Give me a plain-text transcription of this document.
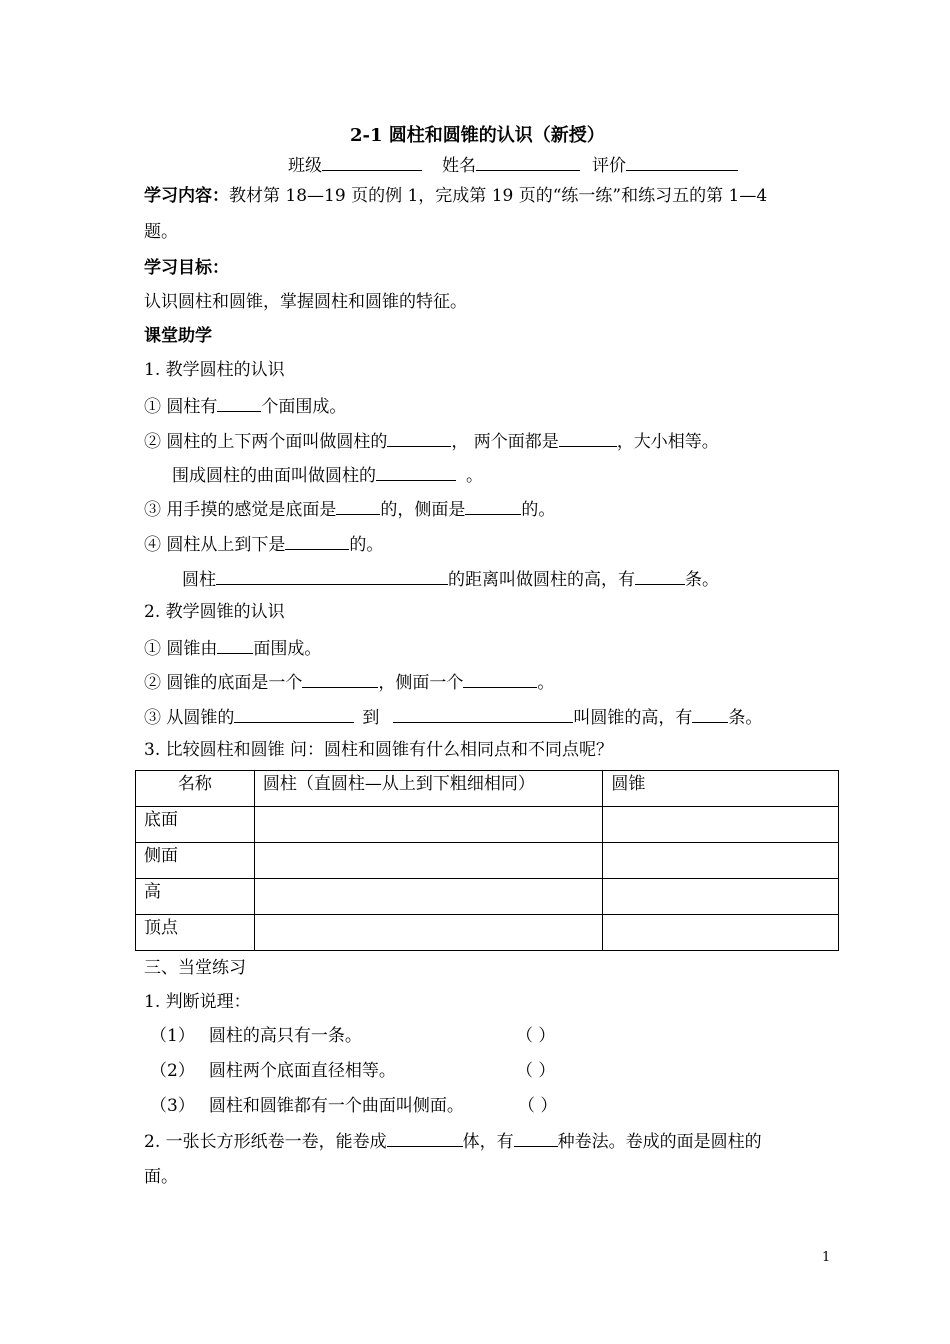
2-1 圆柱和圆锥的认识（新授）
班级	姓名	评价
学习内容：教材第 18—19 页的例 1，完成第 19 页的“练一练”和练习五的第 1—4
题。
学习目标：
认识圆柱和圆锥，掌握圆柱和圆锥的特征。
课堂助学
1. 教学圆柱的认识
① 圆柱有	个面围成。
② 圆柱的上下两个面叫做圆柱的	， 两个面都是	，大小相等。
围成圆柱的曲面叫做圆柱的	。
③ 用手摸的感觉是底面是	的，侧面是	的。
④ 圆柱从上到下是	的。
圆柱	的距离叫做圆柱的高，有	条。
2. 教学圆锥的认识
① 圆锥由 面围成。
② 圆锥的底面是一个	，侧面一个	。
③ 从圆锥的	到	叫圆锥的高，有 条。
3. 比较圆柱和圆锥 问：圆柱和圆锥有什么相同点和不同点呢？
名称	圆柱（直圆柱—从上到下粗细相同）	圆锥
底面		
侧面		
高		
顶点		
三、当堂练习
1. 判断说理：
（1） 圆柱的高只有一条。	（ ）
（2） 圆柱两个底面直径相等。	（ ）
（3） 圆柱和圆锥都有一个曲面叫侧面。	（ ）
2. 一张长方形纸卷一卷，能卷成	体，有	种卷法。卷成的面是圆柱的
面。
1
